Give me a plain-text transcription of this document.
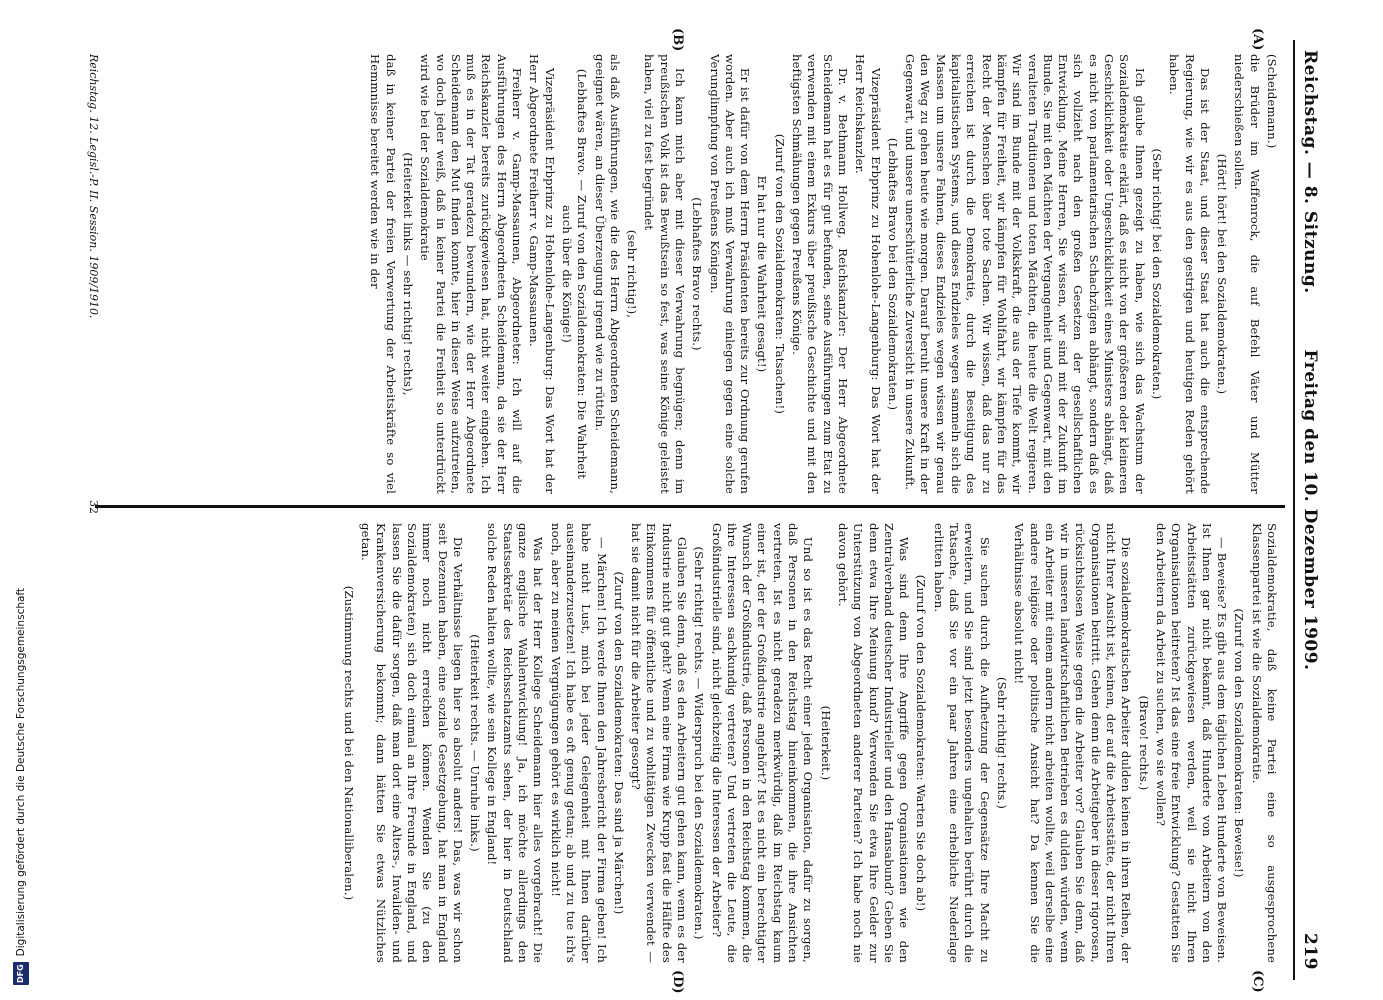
DFG
Digitalisierung gefördert durch die Deutsche Forschungsgemeinschaft
Reichstag. — 8. Sitzung.
Freitag den 10. Dezember 1909.
219
(A)
(B)
(C)
(D)

(Scheidemann.)

die Brüder im Waffenrock, die auf Befehl Väter und Mütter niederschießen sollen.

(Hört! hört! bei den Sozialdemokraten.)

Das ist der Staat, und dieser Staat hat auch die entsprechende Regierung, wie wir es aus den gestrigen und heutigen Reden gehört haben.

(Sehr richtig! bei den Sozialdemokraten.)

Ich glaube Ihnen gezeigt zu haben, wie sich das Wachstum der Sozialdemokratie erklärt, daß es nicht von der größeren oder kleineren Geschicklichkeit oder Ungeschicklichkeit eines Ministers abhängt, daß es nicht von parlamentarischen Schachzügen abhängt, sondern daß es sich vollzieht nach den großen Gesetzen der gesellschaftlichen Entwicklung. Meine Herren, Sie wissen, wir sind mit der Zukunft im Bunde. Sie mit den Mächten der Vergangenheit und Gegenwart, mit den veralteten Traditionen und toten Mächten, die heute die Welt regieren. Wir sind im Bunde mit der Volkskraft, die aus der Tiefe kommt, wir kämpfen für Freiheit, wir kämpfen für Wohlfahrt, wir kämpfen für das Recht der Menschen über tote Sachen. Wir wissen, daß das nur zu erreichen ist durch die Demokratie, durch die Beseitigung des kapitalistischen Systems, und dieses Endzieles wegen sammeln sich die Massen um unsere Fahnen, dieses Endzieles wegen wissen wir genau den Weg zu gehen heute wie morgen. Darauf beruht unsere Kraft in der Gegenwart, und unsere unerschütterliche Zuversicht in unsere Zukunft.

(Lebhaftes Bravo bei den Sozialdemokraten.)

Vizepräsident Erbprinz zu Hohenlohe-Langenburg: Das Wort hat der Herr Reichskanzler.

Dr. v. Bethmann Hollweg, Reichskanzler: Der Herr Abgeordnete Scheidemann hat es für gut befunden, seine Ausführungen zum Etat zu verwenden mit einem Exkurs über preußische Geschichte und mit den heftigsten Schmähungen gegen Preußens Könige.

(Zuruf von den Sozialdemokraten: Tatsachen!)

Er hat nur die Wahrheit gesagt!)

Er ist dafür von dem Herrn Präsidenten bereits zur Ordnung gerufen worden. Aber auch ich muß Verwahrung einlegen gegen eine solche Verunglimpfung von Preußens Königen.

(Lebhaftes Bravo rechts.)

Ich kann mich aber mit dieser Verwahrung begnügen; denn im preußischen Volk ist das Bewußtsein so fest, was seine Könige geleistet haben, viel zu fest begründet

(sehr richtig!),

als daß Ausführungen, wie die des Herrn Abgeordneten Scheidemann, geeignet wären, an dieser Überzeugung irgend wie zu rütteln.

(Lebhaftes Bravo. — Zuruf von den Sozialdemokraten: Die Wahrheit auch über die Könige!)

Vizepräsident Erbprinz zu Hohenlohe-Langenburg: Das Wort hat der Herr Abgeordnete Freiherr v. Gamp-Massaunen.

Freiherr v. Gamp-Massaunen, Abgeordneter: Ich will auf die Ausführungen des Herrn Abgeordneten Scheidemann, da sie der Herr Reichskanzler bereits zurückgewiesen hat, nicht weiter eingehen. Ich muß es in der Tat geradezu bewundern, wie der Herr Abgeordnete Scheidemann den Mut finden konnte, hier in dieser Weise aufzutreten, wo doch jeder weiß, daß in keiner Partei die Freiheit so unterdrückt wird wie bei der Sozialdemokratie

(Heiterkeit links — sehr richtig! rechts),

daß in keiner Partei der freien Verwertung der Arbeitskräfte so viel Hemmnisse bereitet werden wie in der

Sozialdemokratie, daß keine Partei eine so ausgesprochene Klassenpartei ist wie die Sozialdemokratie.

(Zuruf von den Sozialdemokraten: Beweise!)

— Beweise? Es gibt aus dem täglichen Leben Hunderte von Beweisen. Ist Ihnen gar nicht bekannt, daß Hunderte von Arbeitern von den Arbeitsstätten zurückgewiesen werden, weil sie nicht Ihren Organisationen beitreten? Ist das eine freie Entwicklung? Gestatten Sie den Arbeitern da Arbeit zu suchen, wo sie wollen?

(Bravo! rechts.)

Die sozialdemokratischen Arbeiter dulden keinen in ihren Reihen, der nicht Ihrer Ansicht ist, keinen, der auf die Arbeitsstätte, der nicht Ihren Organisationen beitritt. Gehen denn die Arbeitgeber in dieser rigorosen, rücksichtslosen Weise gegen die Arbeiter vor? Glauben Sie denn, daß wir in unseren landwirtschaftlichen Betrieben es dulden würden, wenn ein Arbeiter mit einem andern nicht arbeiten wollte, weil derselbe eine andere religiöse oder politische Ansicht hat? Da kennen Sie die Verhältnisse absolut nicht!

(Sehr richtig! rechts.)

Sie suchen durch die Aufhetzung der Gegensätze Ihre Macht zu erweitern, und Sie sind jetzt besonders ungehalten berührt durch die Tatsache, daß Sie vor ein paar Jahren eine erhebliche Niederlage erlitten haben.

(Zuruf von den Sozialdemokraten: Warten Sie doch ab!)

Was sind denn Ihre Angriffe gegen Organisationen wie den Zentralverband deutscher Industrieller und den Hansabund? Geben Sie denn etwa Ihre Meinung kund? Verwenden Sie etwa Ihre Gelder zur Unterstützung von Abgeordneten anderer Parteien? Ich habe noch nie davon gehört.

(Heiterkeit.)

Und so ist es das Recht einer jeden Organisation, dafür zu sorgen, daß Personen in den Reichstag hineinkommen, die ihre Ansichten vertreten. Ist es nicht geradezu merkwürdig, daß im Reichstag kaum einer ist, der der Großindustrie angehört? Ist es nicht ein berechtigter Wunsch der Großindustrie, daß Personen in den Reichstag kommen, die ihre Interessen sachkundig vertreten? Und vertreten die Leute, die Großindustrielle sind, nicht gleichzeitig die Interessen der Arbeiter?

(Sehr richtig! rechts. — Widerspruch bei den Sozialdemokraten.)

Glauben Sie denn, daß es den Arbeitern gut gehen kann, wenn es der Industrie nicht gut geht? Wenn eine Firma wie Krupp fast die Hälfte des Einkommens für öffentliche und zu wohltätigen Zwecken verwendet — hat sie damit nicht für die Arbeiter gesorgt?

(Zuruf von den Sozialdemokraten: Das sind ja Märchen!)

— Märchen! Ich werde Ihnen den Jahresbericht der Firma geben! Ich habe nicht Lust, mich bei jeder Gelegenheit mit Ihnen darüber auseinanderzusetzen! Ich habe es oft genug getan; ab und zu tue ich's noch, aber zu meinen Vergnügungen gehört es wirklich nicht!

Was hat der Herr Kollege Scheidemann hier alles vorgebracht! Die ganze englische Wahlentwicklung! Ja, ich möchte allerdings den Staatssekretär des Reichsschatzamts sehen, der hier in Deutschland solche Reden halten wollte, wie sein Kollege in England!

(Heiterkeit rechts. — Unruhe links.)

Die Verhältnisse liegen hier so absolut anders! Das, was wir schon seit Dezennien haben, eine soziale Gesetzgebung, hat man in England immer noch nicht erreichen können. Wenden Sie (zu den Sozialdemokraten) sich doch einmal an Ihre Freunde in England, und lassen Sie die dafür sorgen, daß man dort eine Alters-, Invaliden- und Krankenversicherung bekommt; dann hätten Sie etwas Nützliches getan.

(Zustimmung rechts und bei den Nationalliberalen.)

Reichstag. 12. Legisl.-P. II. Session. 1909/1910.
32
